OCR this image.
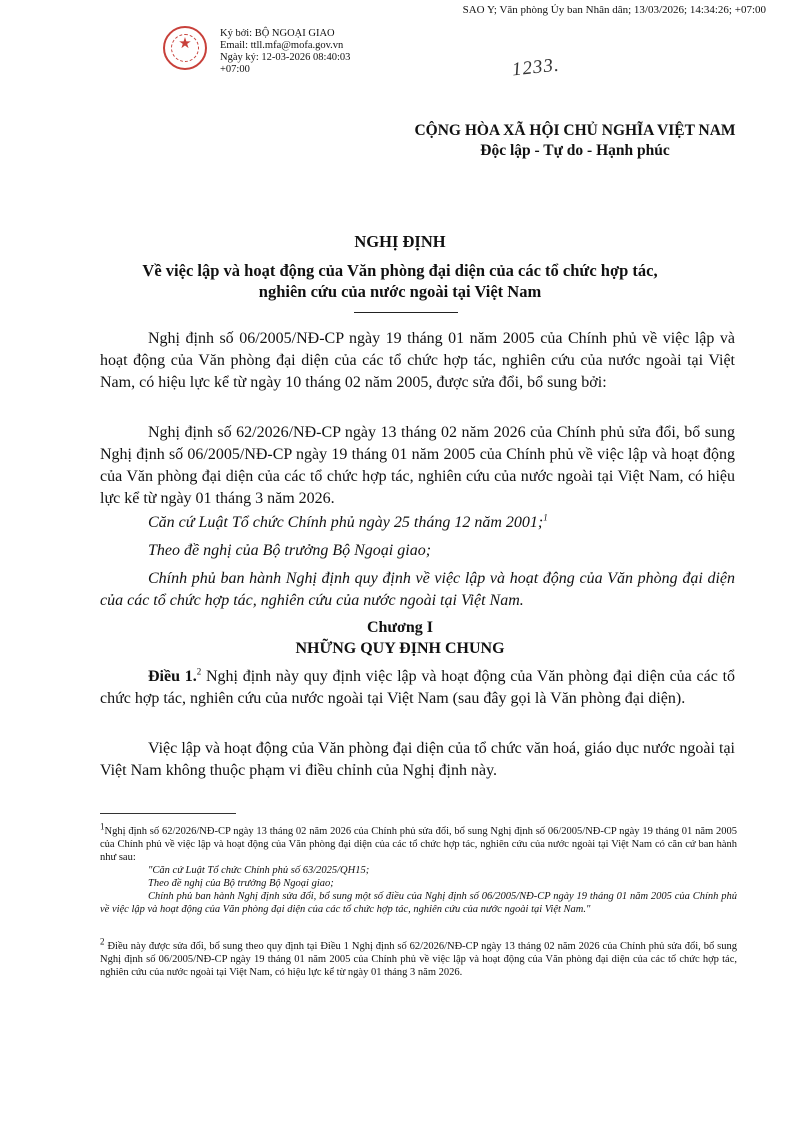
SAO Y; Văn phòng Ủy ban Nhân dân; 13/03/2026; 14:34:26; +07:00
★
Ký bởi: BỘ NGOẠI GIAO
Email: ttll.mfa@mofa.gov.vn
Ngày ký: 12-03-2026 08:40:03
+07:00	1233.
CỘNG HÒA XÃ HỘI CHỦ NGHĨA VIỆT NAM
Độc lập - Tự do - Hạnh phúc
NGHỊ ĐỊNH
Về việc lập và hoạt động của Văn phòng đại diện của các tổ chức hợp tác,
nghiên cứu của nước ngoài tại Việt Nam
Nghị định số 06/2005/NĐ-CP ngày 19 tháng 01 năm 2005 của Chính phủ về việc lập và hoạt động của Văn phòng đại diện của các tổ chức hợp tác, nghiên cứu của nước ngoài tại Việt Nam, có hiệu lực kể từ ngày 10 tháng 02 năm 2005, được sửa đổi, bổ sung bởi:
Nghị định số 62/2026/NĐ-CP ngày 13 tháng 02 năm 2026 của Chính phủ sửa đổi, bổ sung Nghị định số 06/2005/NĐ-CP ngày 19 tháng 01 năm 2005 của Chính phủ về việc lập và hoạt động của Văn phòng đại diện của các tổ chức hợp tác, nghiên cứu của nước ngoài tại Việt Nam, có hiệu lực kể từ ngày 01 tháng 3 năm 2026.
Căn cứ Luật Tổ chức Chính phủ ngày 25 tháng 12 năm 2001;$^1$
Theo đề nghị của Bộ trưởng Bộ Ngoại giao;
Chính phủ ban hành Nghị định quy định về việc lập và hoạt động của Văn phòng đại diện của các tổ chức hợp tác, nghiên cứu của nước ngoài tại Việt Nam.
Chương I
NHỮNG QUY ĐỊNH CHUNG
Điều 1.$^2$ Nghị định này quy định việc lập và hoạt động của Văn phòng đại diện của các tổ chức hợp tác, nghiên cứu của nước ngoài tại Việt Nam (sau đây gọi là Văn phòng đại diện).
Việc lập và hoạt động của Văn phòng đại diện của tổ chức văn hoá, giáo dục nước ngoài tại Việt Nam không thuộc phạm vi điều chỉnh của Nghị định này.
$^1$Nghị định số 62/2026/NĐ-CP ngày 13 tháng 02 năm 2026 của Chính phủ sửa đổi, bổ sung Nghị định số 06/2005/NĐ-CP ngày 19 tháng 01 năm 2005 của Chính phủ về việc lập và hoạt động của Văn phòng đại diện của các tổ chức hợp tác, nghiên cứu của nước ngoài tại Việt Nam có căn cứ ban hành như sau:
"Căn cứ Luật Tổ chức Chính phủ số 63/2025/QH15;
Theo đề nghị của Bộ trưởng Bộ Ngoại giao;
Chính phủ ban hành Nghị định sửa đổi, bổ sung một số điều của Nghị định số 06/2005/NĐ-CP ngày 19 tháng 01 năm 2005 của Chính phủ về việc lập và hoạt động của Văn phòng đại diện của các tổ chức hợp tác, nghiên cứu của nước ngoài tại Việt Nam."
$^2$ Điều này được sửa đổi, bổ sung theo quy định tại Điều 1 Nghị định số 62/2026/NĐ-CP ngày 13 tháng 02 năm 2026 của Chính phủ sửa đổi, bổ sung Nghị định số 06/2005/NĐ-CP ngày 19 tháng 01 năm 2005 của Chính phủ về việc lập và hoạt động của Văn phòng đại diện của các tổ chức hợp tác, nghiên cứu của nước ngoài tại Việt Nam, có hiệu lực kể từ ngày 01 tháng 3 năm 2026.
